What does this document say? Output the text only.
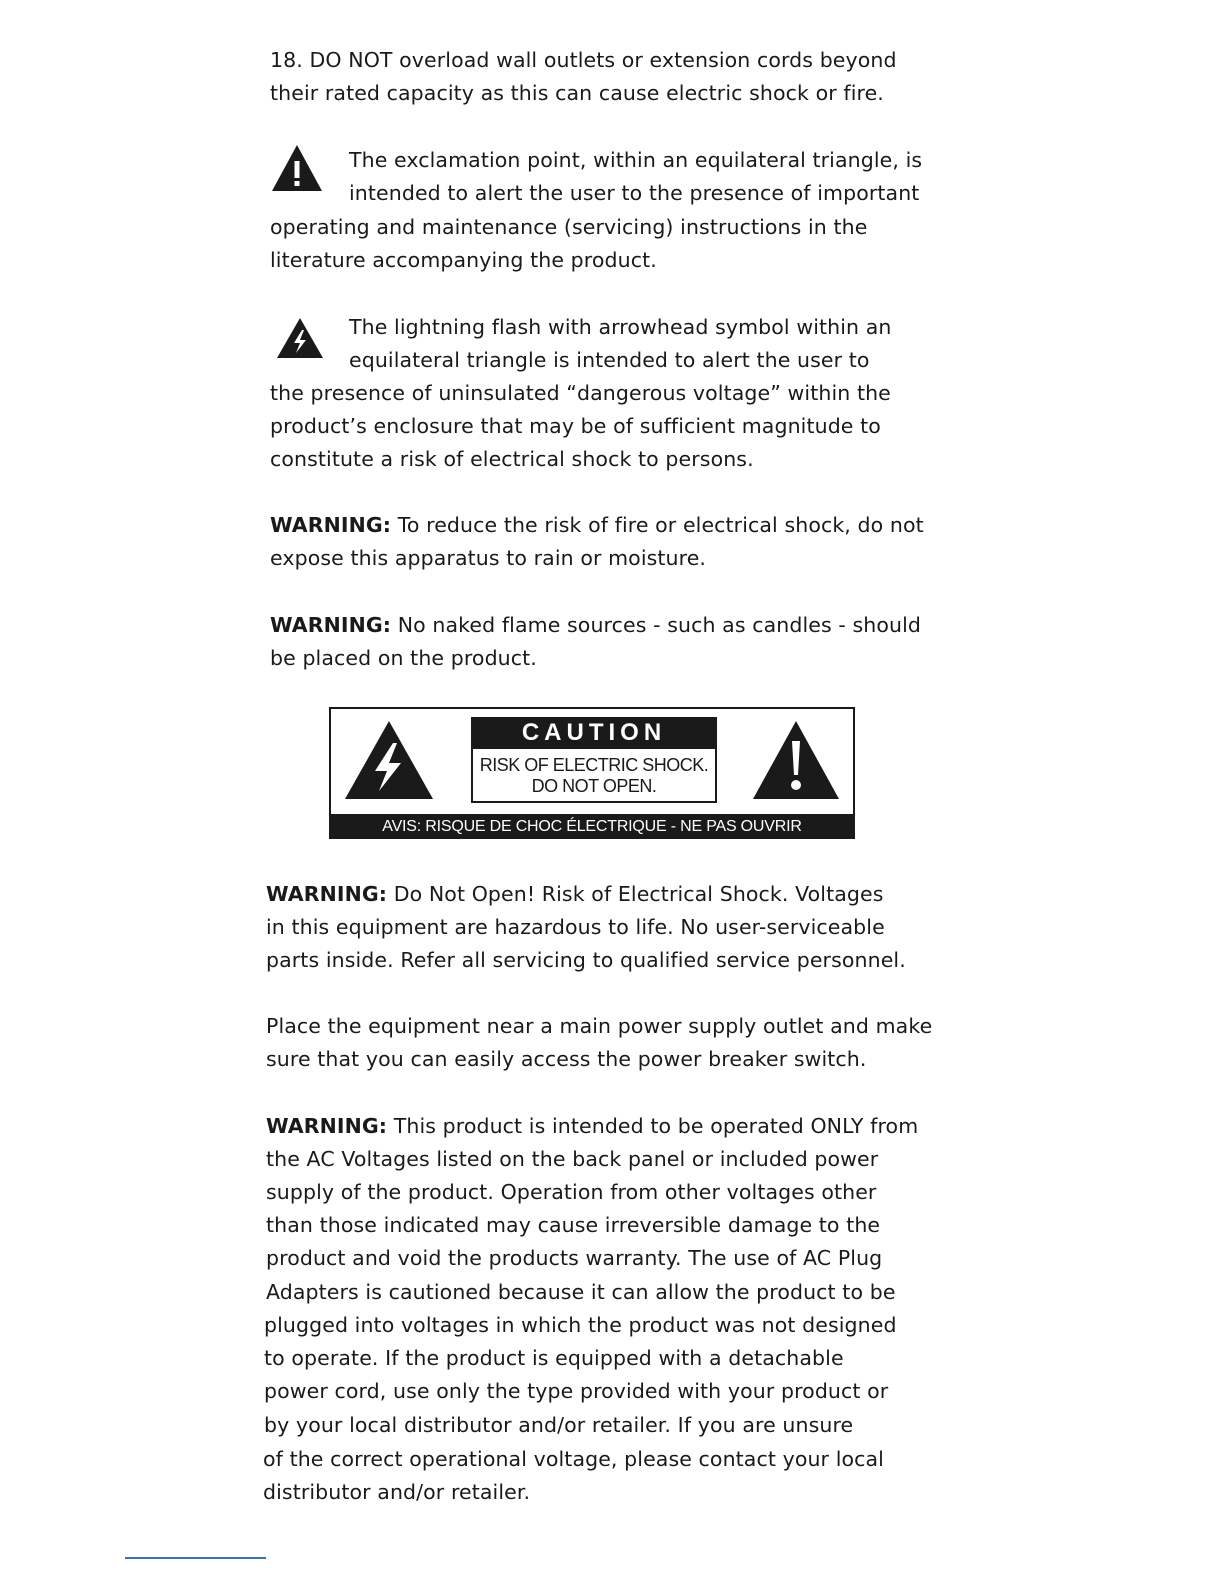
18. DO NOT overload wall outlets or extension cords beyond

their rated capacity as this can cause electric shock or fire.

The exclamation point, within an equilateral triangle, is

intended to alert the user to the presence of important

operating and maintenance (servicing) instructions in the

literature accompanying the product.

The lightning flash with arrowhead symbol within an

equilateral triangle is intended to alert the user to

the presence of uninsulated “dangerous voltage” within the

product’s enclosure that may be of sufficient magnitude to

constitute a risk of electrical shock to persons.

WARNING: To reduce the risk of fire or electrical shock, do not

expose this apparatus to rain or moisture.

WARNING: No naked flame sources - such as candles - should

be placed on the product.

CAUTION
RISK OF ELECTRIC SHOCK.
DO NOT OPEN.
AVIS: RISQUE DE CHOC ÉLECTRIQUE - NE PAS OUVRIR

WARNING: Do Not Open! Risk of Electrical Shock. Voltages

in this equipment are hazardous to life. No user-serviceable

parts inside. Refer all servicing to qualified service personnel.

Place the equipment near a main power supply outlet and make

sure that you can easily access the power breaker switch.

WARNING: This product is intended to be operated ONLY from

the AC Voltages listed on the back panel or included power

supply of the product. Operation from other voltages other

than those indicated may cause irreversible damage to the

product and void the products warranty. The use of AC Plug

Adapters is cautioned because it can allow the product to be

plugged into voltages in which the product was not designed

to operate. If the product is equipped with a detachable

power cord, use only the type provided with your product or

by your local distributor and/or retailer. If you are unsure

of the correct operational voltage, please contact your local

distributor and/or retailer.
